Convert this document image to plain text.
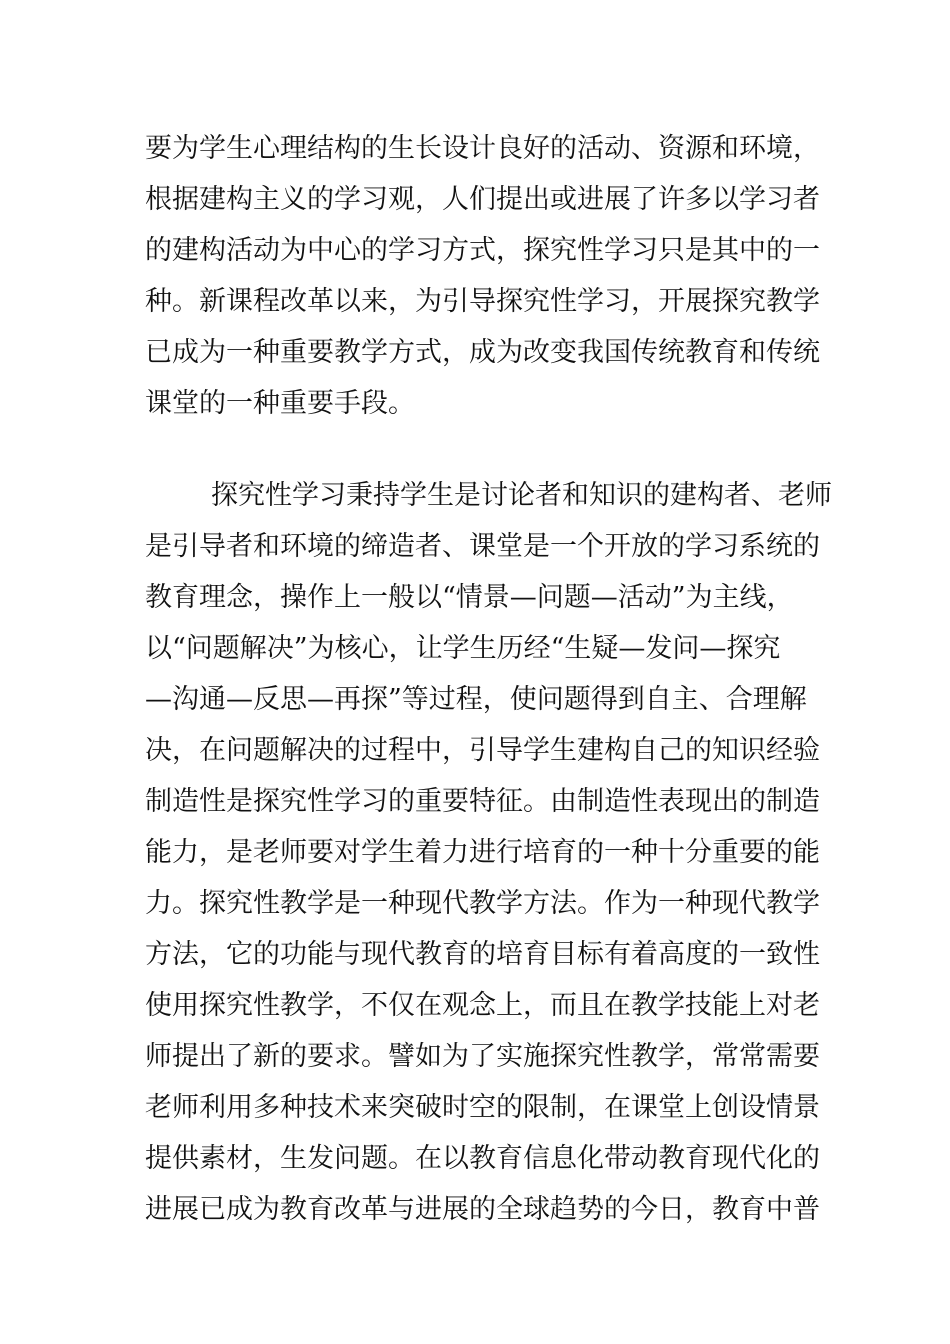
要为学生心理结构的生长设计良好的活动、资源和环境，
根据建构主义的学习观，人们提出或进展了许多以学习者
的建构活动为中心的学习方式，探究性学习只是其中的一
种。新课程改革以来，为引导探究性学习，开展探究教学
已成为一种重要教学方式，成为改变我国传统教育和传统
课堂的一种重要手段。
探究性学习秉持学生是讨论者和知识的建构者、老师
是引导者和环境的缔造者、课堂是一个开放的学习系统的
教育理念，操作上一般以“情景—问题—活动”为主线，
以“问题解决”为核心，让学生历经“生疑—发问—探究
—沟通—反思—再探”等过程，使问题得到自主、合理解
决，在问题解决的过程中，引导学生建构自己的知识经验
制造性是探究性学习的重要特征。由制造性表现出的制造
能力，是老师要对学生着力进行培育的一种十分重要的能
力。探究性教学是一种现代教学方法。作为一种现代教学
方法，它的功能与现代教育的培育目标有着高度的一致性
使用探究性教学，不仅在观念上，而且在教学技能上对老
师提出了新的要求。譬如为了实施探究性教学，常常需要
老师利用多种技术来突破时空的限制，在课堂上创设情景
提供素材，生发问题。在以教育信息化带动教育现代化的
进展已成为教育改革与进展的全球趋势的今日，教育中普
